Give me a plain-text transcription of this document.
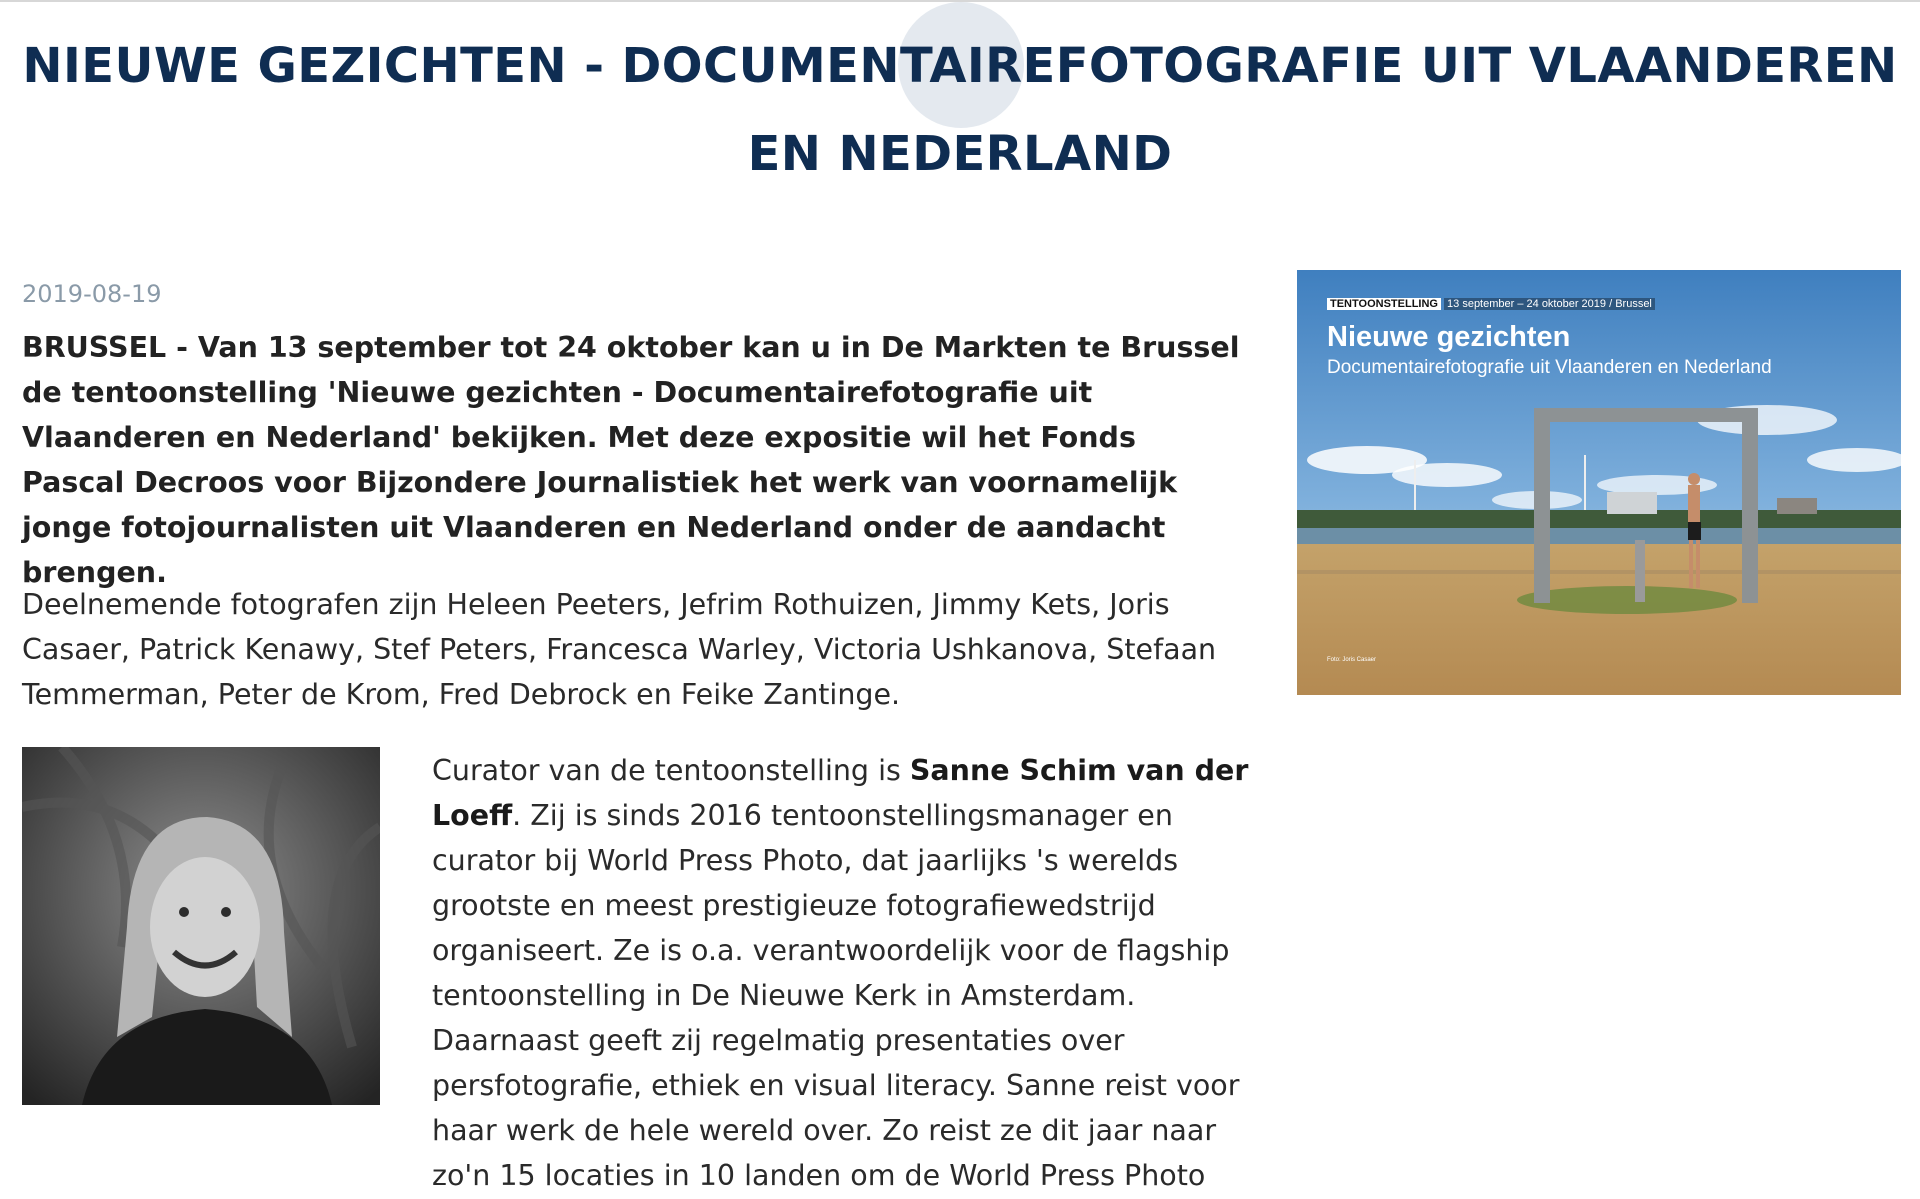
NIEUWE GEZICHTEN - DOCUMENTAIREFOTOGRAFIE UIT VLAANDEREN EN NEDERLAND
2019-08-19

BRUSSEL - Van 13 september tot 24 oktober kan u in De Markten te Brussel de tentoonstelling 'Nieuwe gezichten - Documentairefotografie uit Vlaanderen en Nederland' bekijken. Met deze expositie wil het Fonds Pascal Decroos voor Bijzondere Journalistiek het werk van voornamelijk jonge fotojournalisten uit Vlaanderen en Nederland onder de aandacht brengen.

Deelnemende fotografen zijn Heleen Peeters, Jefrim Rothuizen, Jimmy Kets, Joris Casaer, Patrick Kenawy, Stef Peters, Francesca Warley, Victoria Ushkanova, Stefaan Temmerman, Peter de Krom, Fred Debrock en Feike Zantinge.

TENTOONSTELLING 13 september – 24 oktober 2019 / Brussel
Nieuwe gezichten
Documentairefotografie uit Vlaanderen en Nederland
Foto: Joris Casaer

Curator van de tentoonstelling is Sanne Schim van der Loeff. Zij is sinds 2016 tentoonstellingsmanager en curator bij World Press Photo, dat jaarlijks 's werelds grootste en meest prestigieuze fotografiewedstrijd organiseert. Ze is o.a. verantwoordelijk voor de flagship tentoonstelling in De Nieuwe Kerk in Amsterdam. Daarnaast geeft zij regelmatig presentaties over persfotografie, ethiek en visual literacy. Sanne reist voor haar werk de hele wereld over. Zo reist ze dit jaar naar zo'n 15 locaties in 10 landen om de World Press Photo
